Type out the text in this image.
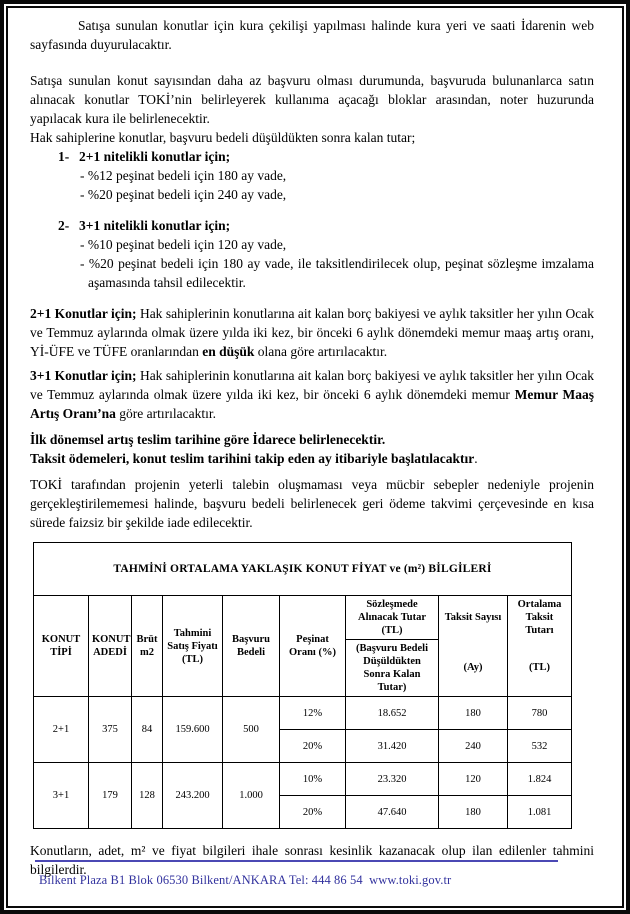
Satışa sunulan konutlar için kura çekilişi yapılması halinde kura yeri ve saati İdarenin web sayfasında duyurulacaktır.

Satışa sunulan konut sayısından daha az başvuru olması durumunda, başvuruda bulunanlarca satın alınacak konutlar TOKİ’nin belirleyerek kullanıma açacağı bloklar arasından, noter huzurunda yapılacak kura ile belirlenecektir.

Hak sahiplerine konutlar, başvuru bedeli düşüldükten sonra kalan tutar;

1- 2+1 nitelikli konutlar için;
- %12 peşinat bedeli için 180 ay vade,
- %20 peşinat bedeli için 240 ay vade,
2- 3+1 nitelikli konutlar için;
- %10 peşinat bedeli için 120 ay vade,
- %20 peşinat bedeli için 180 ay vade, ile taksitlendirilecek olup, peşinat sözleşme imzalama aşamasında tahsil edilecektir.

2+1 Konutlar için; Hak sahiplerinin konutlarına ait kalan borç bakiyesi ve aylık taksitler her yılın Ocak ve Temmuz aylarında olmak üzere yılda iki kez, bir önceki 6 aylık dönemdeki memur maaş artış oranı, Yİ-ÜFE ve TÜFE oranlarından en düşük olana göre artırılacaktır.

3+1 Konutlar için; Hak sahiplerinin konutlarına ait kalan borç bakiyesi ve aylık taksitler her yılın Ocak ve Temmuz aylarında olmak üzere yılda iki kez, bir önceki 6 aylık dönemdeki memur Memur Maaş Artış Oranı’na göre artırılacaktır.

İlk dönemsel artış teslim tarihine göre İdarece belirlenecektir.
Taksit ödemeleri, konut teslim tarihini takip eden ay itibariyle başlatılacaktır.

TOKİ tarafından projenin yeterli talebin oluşmaması veya mücbir sebepler nedeniyle projenin gerçekleştirilememesi halinde, başvuru bedeli belirlenecek geri ödeme takvimi çerçevesinde en kısa sürede faizsiz bir şekilde iade edilecektir.

TAHMİNİ ORTALAMA YAKLAŞIK KONUT FİYAT ve (m²) BİLGİLERİ								
KONUT TİPİ	KONUT ADEDİ	Brüt m2	Tahmini Satış Fiyatı (TL)	Başvuru Bedeli	Peşinat Oranı (%)	Sözleşmede Alınacak Tutar (TL)	Taksit Sayısı	Ortalama Taksit Tutarı
						(Başvuru Bedeli Düşüldükten Sonra Kalan Tutar)	(Ay)	(TL)
2+1	375	84	159.600	500	12%	18.652	180	780
					20%	31.420	240	532
3+1	179	128	243.200	1.000	10%	23.320	120	1.824
					20%	47.640	180	1.081

Konutların, adet, m² ve fiyat bilgileri ihale sonrası kesinlik kazanacak olup ilan edilenler tahmini bilgilerdir.

Bilkent Plaza B1 Blok 06530 Bilkent/ANKARA Tel: 444 86 54  www.toki.gov.tr
